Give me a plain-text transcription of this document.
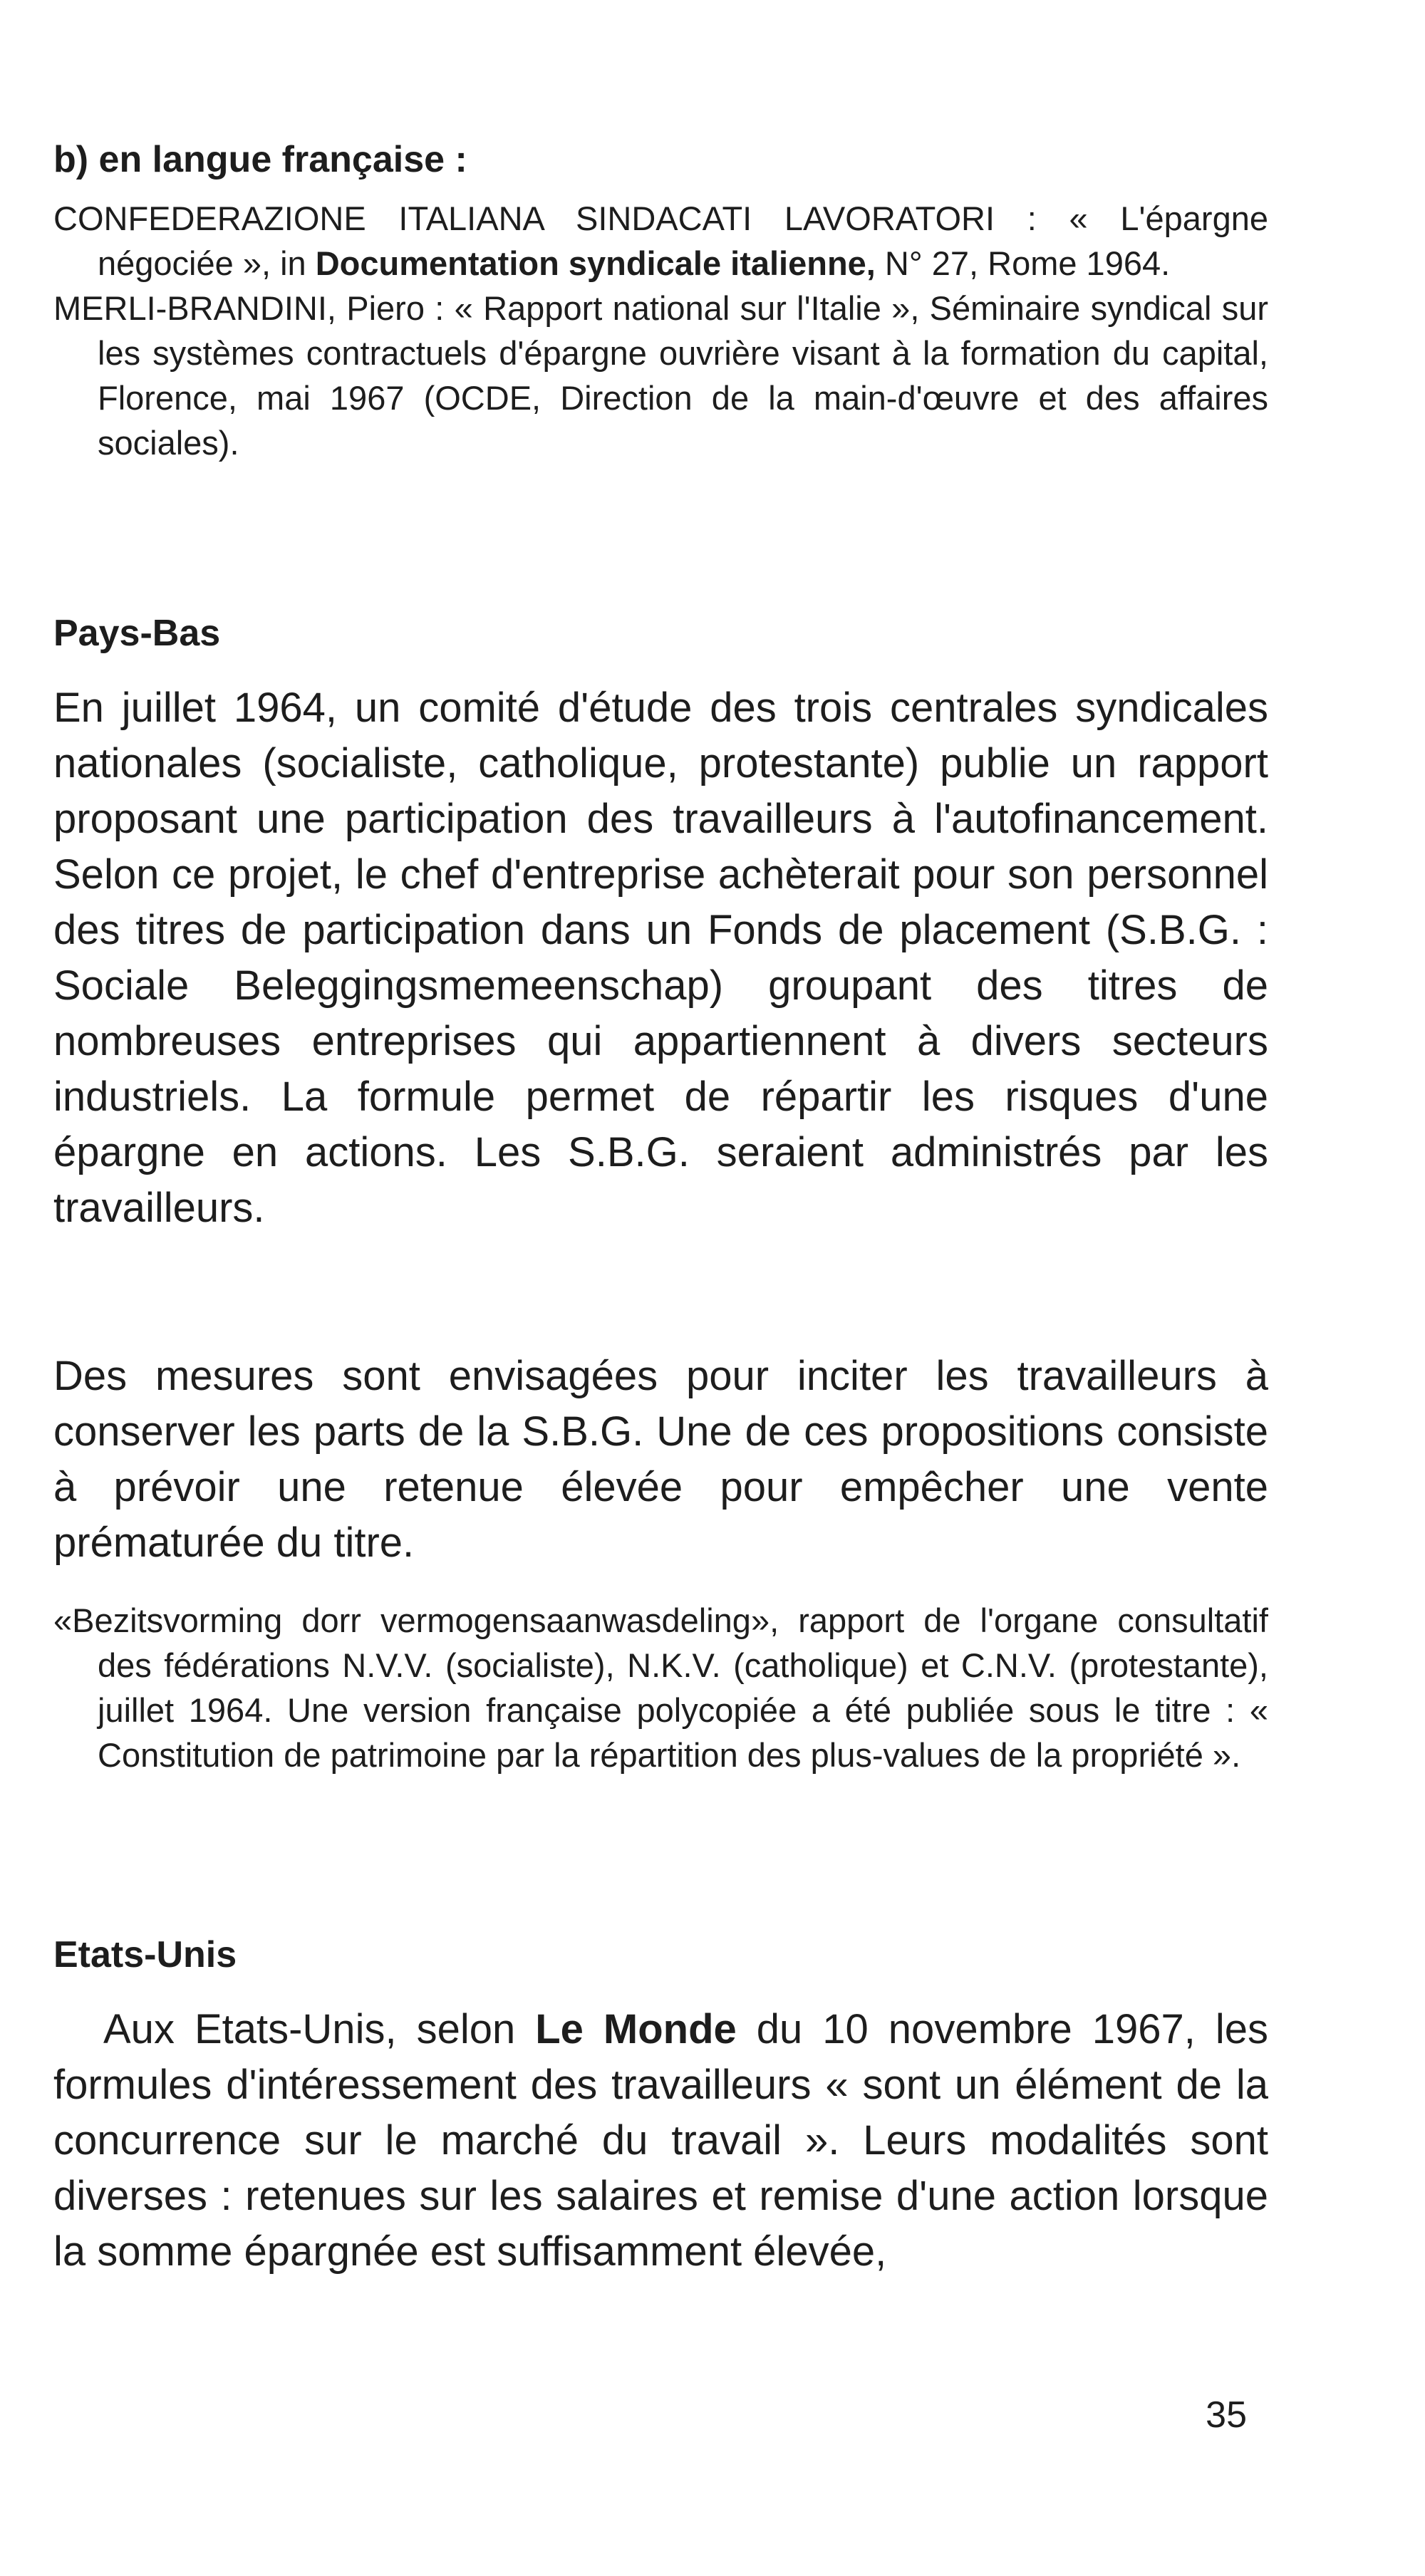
b) en langue française :

CONFEDERAZIONE ITALIANA SINDACATI LAVORATORI : « L'épargne négociée », in Documentation syndicale italienne, N° 27, Rome 1964.

MERLI-BRANDINI, Piero : « Rapport national sur l'Italie », Séminaire syndical sur les systèmes contractuels d'épargne ouvrière visant à la formation du capital, Florence, mai 1967 (OCDE, Direction de la main-d'œuvre et des affaires sociales).

Pays-Bas
En juillet 1964, un comité d'étude des trois centrales syndicales nationales (socialiste, catholique, protestante) publie un rapport proposant une participation des travailleurs à l'autofinancement. Selon ce projet, le chef d'entreprise achèterait pour son personnel des titres de participation dans un Fonds de placement (S.B.G. : Sociale Beleggingsmemeenschap) groupant des titres de nombreuses entreprises qui appartiennent à divers secteurs industriels. La formule permet de répartir les risques d'une épargne en actions. Les S.B.G. seraient administrés par les travailleurs.
Des mesures sont envisagées pour inciter les travailleurs à conserver les parts de la S.B.G. Une de ces propositions consiste à prévoir une retenue élevée pour empêcher une vente prématurée du titre.

«Bezitsvorming dorr vermogensaanwasdeling», rapport de l'organe consultatif des fédérations N.V.V. (socialiste), N.K.V. (catholique) et C.N.V. (protestante), juillet 1964. Une version française polycopiée a été publiée sous le titre : « Constitution de patrimoine par la répartition des plus-values de la propriété ».

Etats-Unis

Aux Etats-Unis, selon Le Monde du 10 novembre 1967, les formules d'intéressement des travailleurs « sont un élément de la concurrence sur le marché du travail ». Leurs modalités sont diverses : retenues sur les salaires et remise d'une action lorsque la somme épargnée est suffisamment élevée,

35
